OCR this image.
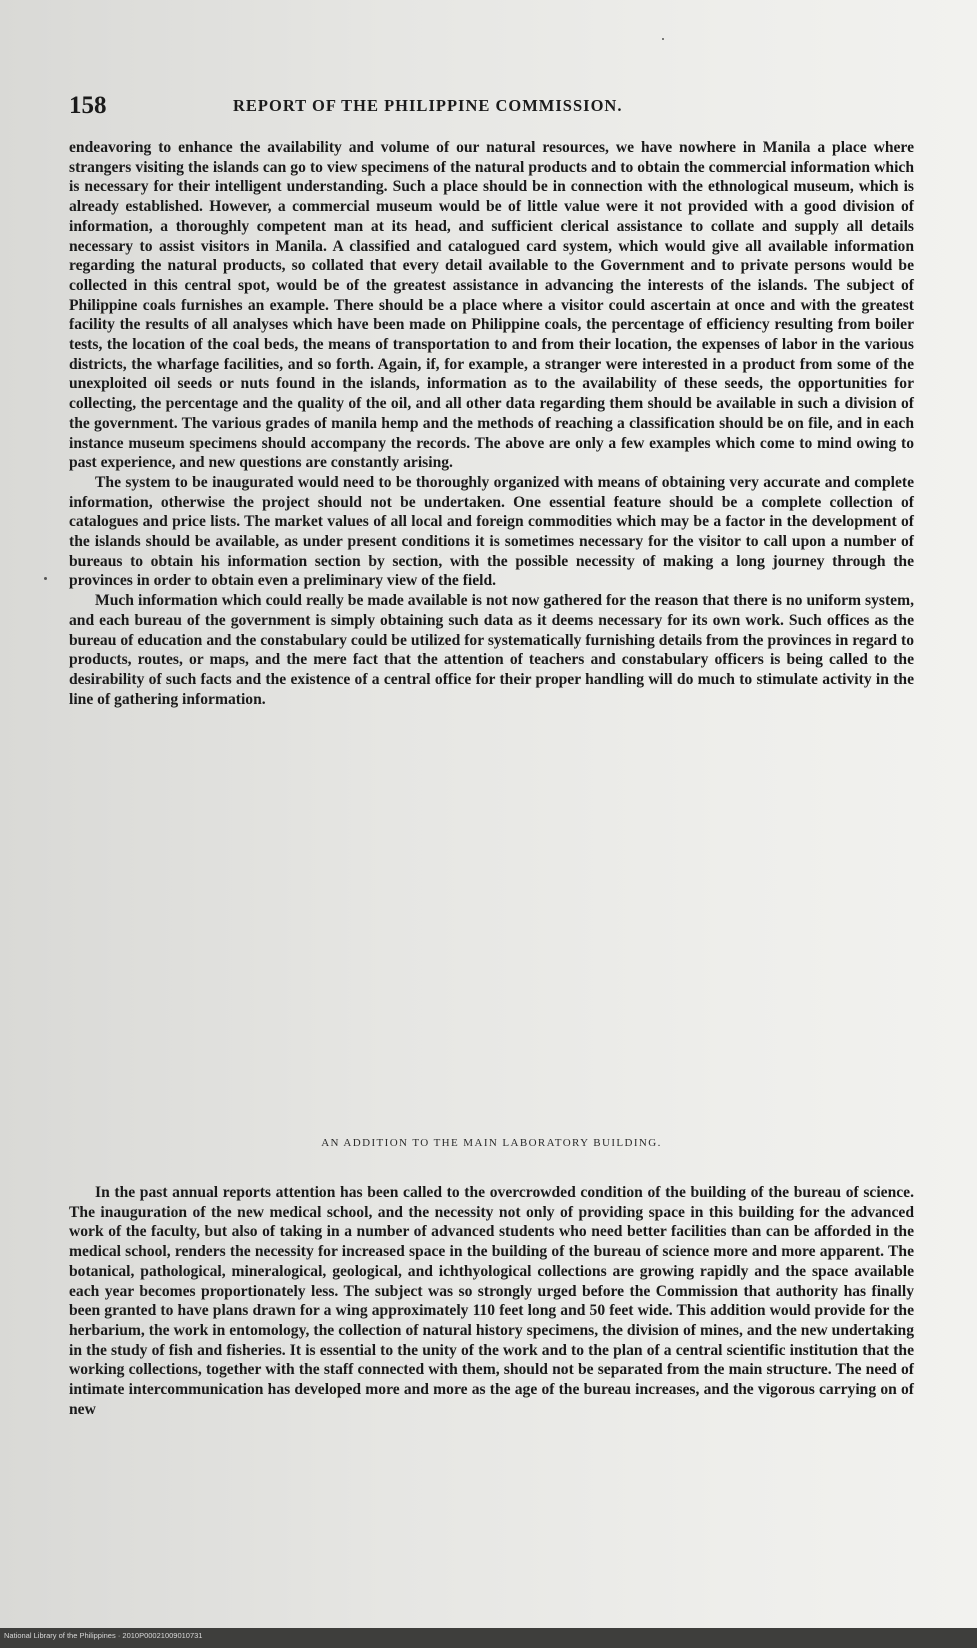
158	REPORT OF THE PHILIPPINE COMMISSION.

endeavoring to enhance the availability and volume of our natural resources, we have nowhere in Manila a place where strangers visiting the islands can go to view specimens of the natural products and to obtain the commercial information which is necessary for their intelligent understanding. Such a place should be in connection with the ethnological museum, which is already established. However, a commercial museum would be of little value were it not provided with a good division of information, a thoroughly competent man at its head, and sufficient clerical assistance to collate and supply all details necessary to assist visitors in Manila. A classified and catalogued card system, which would give all available information regarding the natural products, so collated that every detail available to the Government and to private persons would be collected in this central spot, would be of the greatest assistance in advancing the interests of the islands. The subject of Philippine coals furnishes an example. There should be a place where a visitor could ascertain at once and with the greatest facility the results of all analyses which have been made on Philippine coals, the percentage of efficiency resulting from boiler tests, the location of the coal beds, the means of transportation to and from their location, the expenses of labor in the various districts, the wharfage facilities, and so forth. Again, if, for example, a stranger were interested in a product from some of the unexploited oil seeds or nuts found in the islands, information as to the availability of these seeds, the opportunities for collecting, the percentage and the quality of the oil, and all other data regarding them should be available in such a division of the government. The various grades of manila hemp and the methods of reaching a classification should be on file, and in each instance museum specimens should accompany the records. The above are only a few examples which come to mind owing to past experience, and new questions are constantly arising.

The system to be inaugurated would need to be thoroughly organized with means of obtaining very accurate and complete information, otherwise the project should not be undertaken. One essential feature should be a complete collection of catalogues and price lists. The market values of all local and foreign commodities which may be a factor in the development of the islands should be available, as under present conditions it is sometimes necessary for the visitor to call upon a number of bureaus to obtain his information section by section, with the possible necessity of making a long journey through the provinces in order to obtain even a preliminary view of the field.

Much information which could really be made available is not now gathered for the reason that there is no uniform system, and each bureau of the government is simply obtaining such data as it deems necessary for its own work. Such offices as the bureau of education and the constabulary could be utilized for systematically furnishing details from the provinces in regard to products, routes, or maps, and the mere fact that the attention of teachers and constabulary officers is being called to the desirability of such facts and the existence of a central office for their proper handling will do much to stimulate activity in the line of gathering information.

AN ADDITION TO THE MAIN LABORATORY BUILDING.

In the past annual reports attention has been called to the overcrowded condition of the building of the bureau of science. The inauguration of the new medical school, and the necessity not only of providing space in this building for the advanced work of the faculty, but also of taking in a number of advanced students who need better facilities than can be afforded in the medical school, renders the necessity for increased space in the building of the bureau of science more and more apparent. The botanical, pathological, mineralogical, geological, and ichthyological collections are growing rapidly and the space available each year becomes proportionately less. The subject was so strongly urged before the Commission that authority has finally been granted to have plans drawn for a wing approximately 110 feet long and 50 feet wide. This addition would provide for the herbarium, the work in entomology, the collection of natural history specimens, the division of mines, and the new undertaking in the study of fish and fisheries. It is essential to the unity of the work and to the plan of a central scientific institution that the working collections, together with the staff connected with them, should not be separated from the main structure. The need of intimate intercommunication has developed more and more as the age of the bureau increases, and the vigorous carrying on of new

National Library of the Philippines · 2010P00021009010731
